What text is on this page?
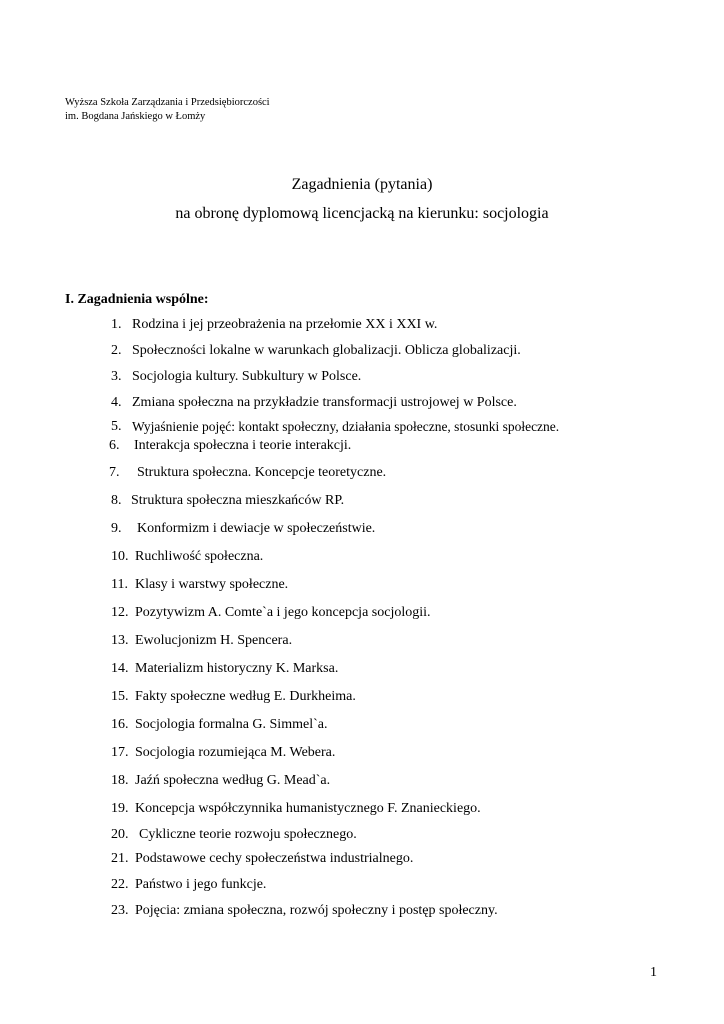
Wyższa Szkoła Zarządzania i Przedsiębiorczości
im. Bogdana Jańskiego w Łomży
Zagadnienia (pytania)
na obronę dyplomową licencjacką na kierunku: socjologia
I. Zagadnienia wspólne:
1. Rodzina i jej przeobrażenia na przełomie XX i XXI w.
2. Społeczności lokalne w warunkach globalizacji. Oblicza globalizacji.
3. Socjologia kultury. Subkultury w Polsce.
4. Zmiana społeczna na przykładzie transformacji ustrojowej w Polsce.
5. Wyjaśnienie pojęć: kontakt społeczny, działania społeczne, stosunki społeczne.
6. Interakcja społeczna i teorie interakcji.
7. Struktura społeczna. Koncepcje teoretyczne.
8. Struktura społeczna mieszkańców RP.
9. Konformizm i dewiacje w społeczeństwie.
10. Ruchliwość społeczna.
11. Klasy i warstwy społeczne.
12. Pozytywizm A. Comte`a i jego koncepcja socjologii.
13. Ewolucjonizm H. Spencera.
14. Materializm historyczny K. Marksa.
15. Fakty społeczne według E. Durkheima.
16. Socjologia formalna G. Simmel`a.
17. Socjologia rozumiejąca M. Webera.
18. Jaźń społeczna według G. Mead`a.
19. Koncepcja współczynnika humanistycznego F. Znanieckiego.
20. Cykliczne teorie rozwoju społecznego.
21. Podstawowe cechy społeczeństwa industrialnego.
22. Państwo i jego funkcje.
23. Pojęcia: zmiana społeczna, rozwój społeczny i postęp społeczny.
1
